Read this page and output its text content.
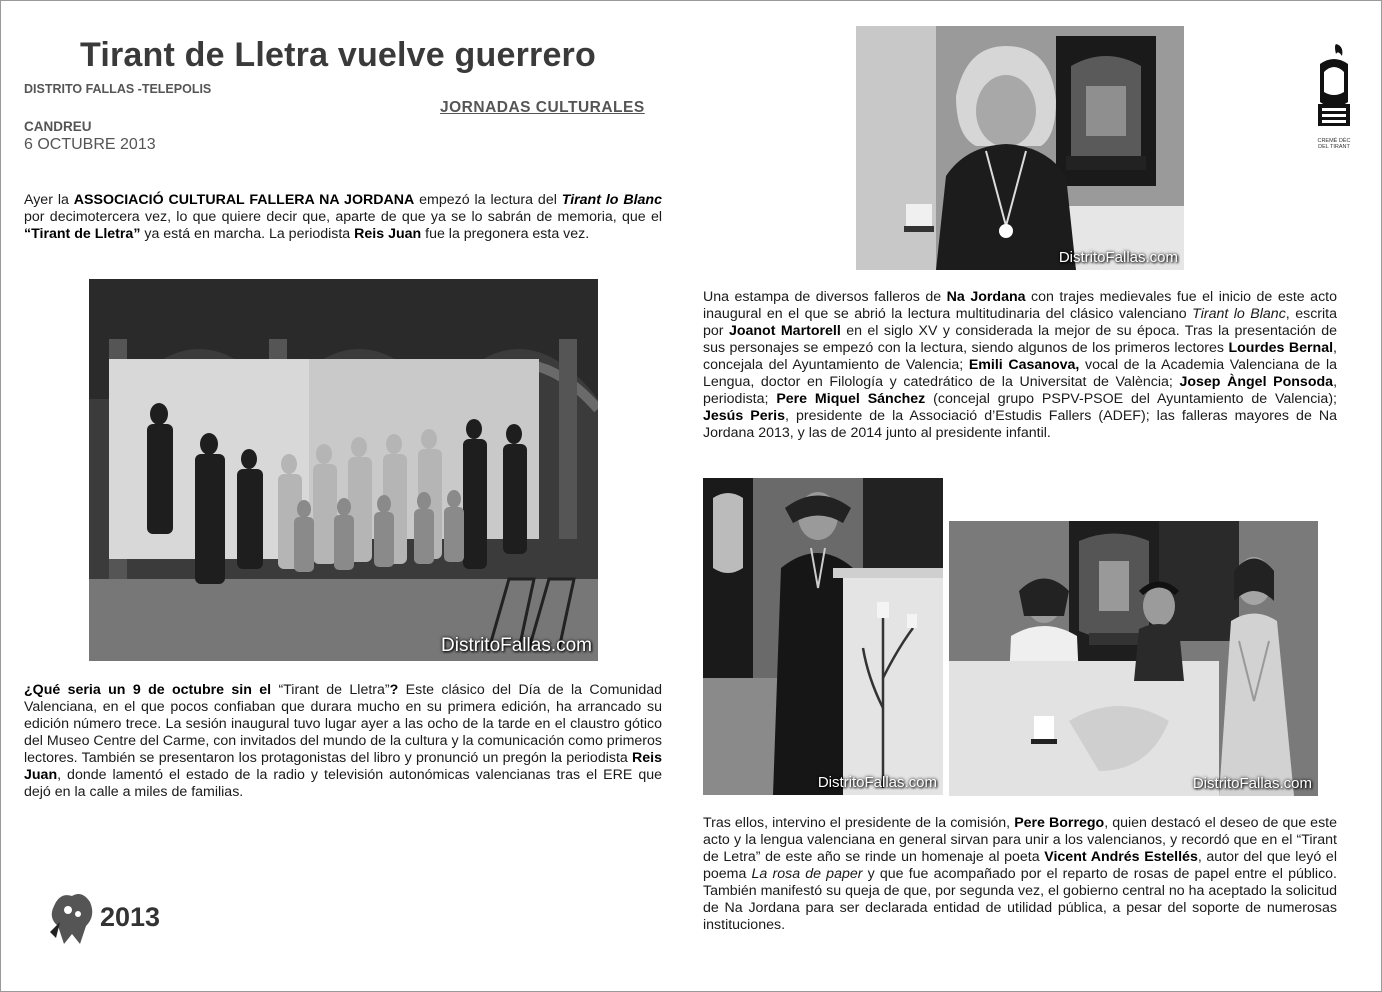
Tirant de Lletra vuelve guerrero
DISTRITO FALLAS -TELEPOLIS
JORNADAS CULTURALES
CANDREU
6 OCTUBRE 2013
Ayer la ASSOCIACIÓ CULTURAL FALLERA NA JORDANA empezó la lectura del Tirant lo Blanc por decimotercera vez, lo que quiere decir que, aparte de que ya se lo sabrán de memoria, que el “Tirant de Lletra” ya está en marcha. La periodista Reis Juan fue la pregonera esta vez.
DistritoFallas.com
¿Qué seria un 9 de octubre sin el “Tirant de Lletra”? Este clásico del Día de la Comunidad Valenciana, en el que pocos confiaban que durara mucho en su primera edición, ha arrancado su edición número trece. La sesión inaugural tuvo lugar ayer a las ocho de la tarde en el claustro gótico del Museo Centre del Carme, con invitados del mundo de la cultura y la comunicación como primeros lectores. También se presentaron los protagonistas del libro y pronunció un pregón la periodista Reis Juan, donde lamentó el estado de la radio y televisión autonómicas valencianas tras el ERE que dejó en la calle a miles de familias.
DistritoFallas.com
CREMÉ DÈC
DEL TIRANT
Una estampa de diversos falleros de Na Jordana con trajes medievales fue el inicio de este acto inaugural en el que se abrió la lectura multitudinaria del clásico valenciano Tirant lo Blanc, escrita por Joanot Martorell en el siglo XV y considerada la mejor de su época. Tras la presentación de sus personajes se empezó con la lectura, siendo algunos de los primeros lectores Lourdes Bernal, concejala del Ayuntamiento de Valencia; Emili Casanova, vocal de la Academia Valenciana de la Lengua, doctor en Filología y catedrático de la Universitat de València; Josep Àngel Ponsoda, periodista; Pere Miquel Sánchez (concejal grupo PSPV-PSOE del Ayuntamiento de Valencia); Jesús Peris, presidente de la Associació d’Estudis Fallers (ADEF); las falleras mayores de Na Jordana 2013, y las de 2014 junto al presidente infantil.
DistritoFallas.com	DistritoFallas.com
Tras ellos, intervino el presidente de la comisión, Pere Borrego, quien destacó el deseo de que este acto y la lengua valenciana en general sirvan para unir a los valencianos, y recordó que en el “Tirant de Letra” de este año se rinde un homenaje al poeta Vicent Andrés Estellés, autor del que leyó el poema La rosa de paper y que fue acompañado por el reparto de rosas de papel entre el público. También manifestó su queja de que, por segunda vez, el gobierno central no ha aceptado la solicitud de Na Jordana para ser declarada entidad de utilidad pública, a pesar del soporte de numerosas instituciones.
2013
